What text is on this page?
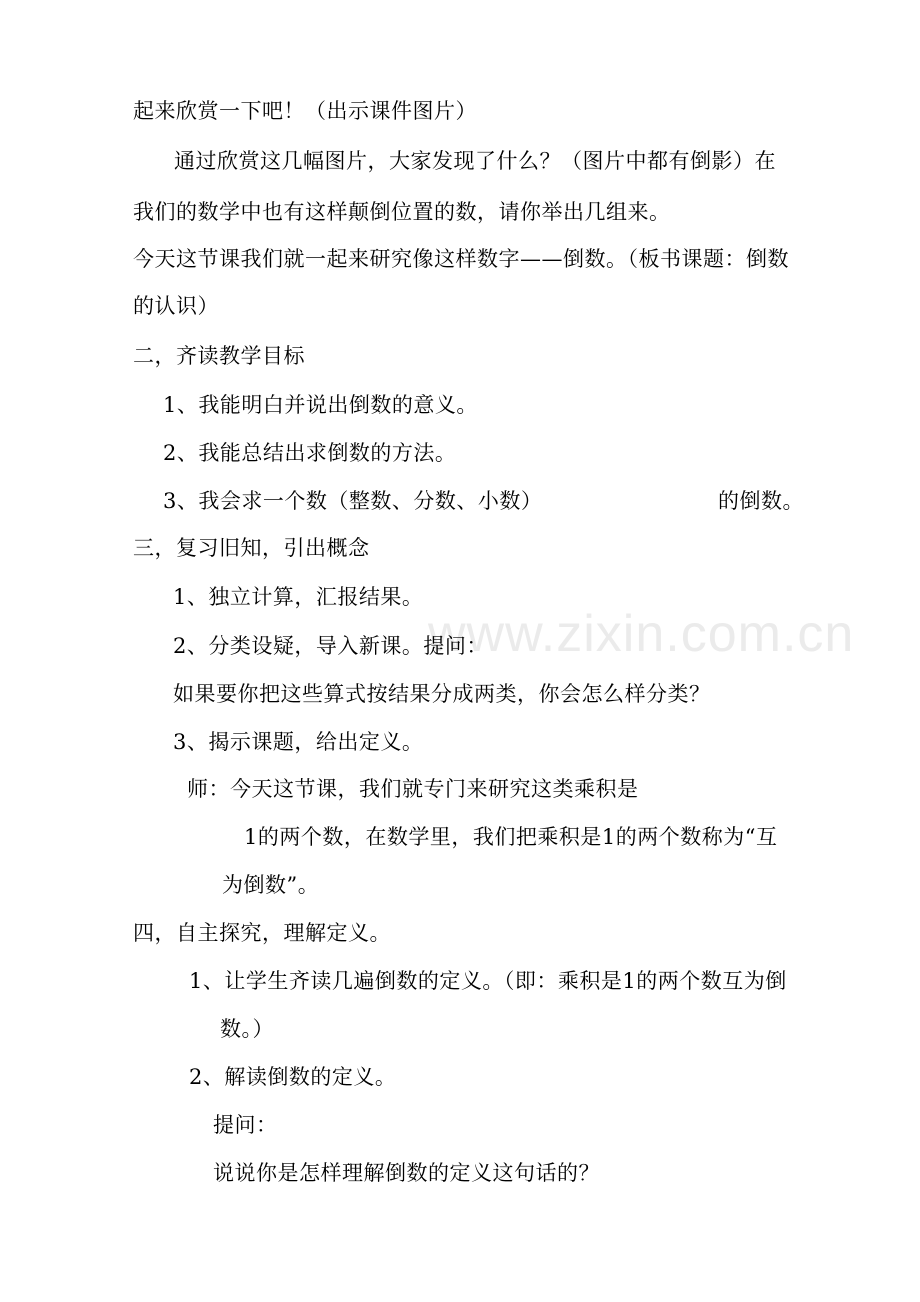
www.zixin.com.cn
起来欣赏一下吧！（出示课件图片）
通过欣赏这几幅图片，大家发现了什么？（图片中都有倒影）在
我们的数学中也有这样颠倒位置的数，请你举出几组来。
今天这节课我们就一起来研究像这样数字——倒数。（板书课题：倒数
的认识）
二，齐读教学目标
1、我能明白并说出倒数的意义。
2、我能总结出求倒数的方法。
3、我会求一个数（整数、分数、小数）	的倒数。
三，复习旧知，引出概念
1、独立计算，汇报结果。
2、分类设疑，导入新课。提问：
如果要你把这些算式按结果分成两类，你会怎么样分类？
3、揭示课题，给出定义。
师：今天这节课，我们就专门来研究这类乘积是
1的两个数，在数学里，我们把乘积是1的两个数称为“互
为倒数”。
四，自主探究，理解定义。
1、让学生齐读几遍倒数的定义。（即：乘积是1的两个数互为倒
数。）
2、解读倒数的定义。
提问：
说说你是怎样理解倒数的定义这句话的？
